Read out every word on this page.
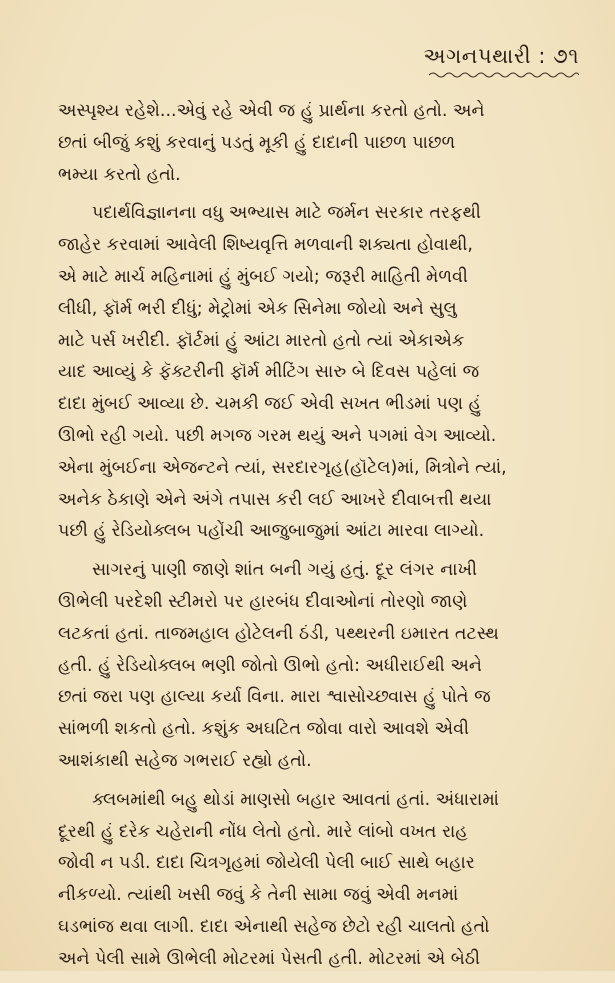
અગનપથારી : ૭૧

અસ્પૃશ્ય રહેશે...એવું રહે એવી જ હું પ્રાર્થના કરતો હતો. અને
છતાં બીજું કશું કરવાનું પડતું મૂકી હું દાદાની પાછળ પાછળ
ભમ્યા કરતો હતો.

પદાર્થવિજ્ઞાનના વધુ અભ્યાસ માટે જર્મન સરકાર તરફથી
જાહેર કરવામાં આવેલી શિષ્યવૃત્તિ મળવાની શક્યતા હોવાથી,
એ માટે માર્ચ મહિનામાં હું મુંબઈ ગયો; જરૂરી માહિતી મેળવી
લીધી, ફૉર્મ ભરી દીધું; મેટ્રોમાં એક સિનેમા જોયો અને સુલુ
માટે પર્સ ખરીદી. ફૉર્ટમાં હું આંટા મારતો હતો ત્યાં એકાએક
યાદ આવ્યું કે ફૅક્ટરીની ફૉર્મ મીટિંગ સારુ બે દિવસ પહેલાં જ
દાદા મુંબઈ આવ્યા છે. ચમકી જઈ એવી સખત ભીડમાં પણ હું
ઊભો રહી ગયો. પછી મગજ ગરમ થયું અને પગમાં વેગ આવ્યો.
એના મુંબઈના એજન્ટને ત્યાં, સરદારગૃહ(હૉટેલ)માં, મિત્રોને ત્યાં,
અનેક ઠેકાણે એને અંગે તપાસ કરી લઈ આખરે દીવાબત્તી થયા
પછી હું રેડિયોક્લબ પહોંચી આજુબાજુમાં આંટા મારવા લાગ્યો.

સાગરનું પાણી જાણે શાંત બની ગયું હતું. દૂર લંગર નાખી
ઊભેલી પરદેશી સ્ટીમરો પર હારબંધ દીવાઓનાં તોરણો જાણે
લટકતાં હતાં. તાજમહાલ હોટેલની ઠંડી, પથ્થરની ઇમારત તટસ્થ
હતી. હું રેડિયોક્લબ ભણી જોતો ઊભો હતો: અધીરાઈથી અને
છતાં જરા પણ હાલ્યા કર્યા વિના. મારા શ્વાસોચ્છ્વાસ હું પોતે જ
સાંભળી શકતો હતો. કશુંક અઘટિત જોવા વારો આવશે એવી
આશંકાથી સહેજ ગભરાઈ રહ્યો હતો.

ક્લબમાંથી બહુ થોડાં માણસો બહાર આવતાં હતાં. અંધારામાં
દૂરથી હું દરેક ચહેરાની નોંધ લેતો હતો. મારે લાંબો વખત રાહ
જોવી ન પડી. દાદા ચિત્રગૃહમાં જોયેલી પેલી બાઈ સાથે બહાર
નીકળ્યો. ત્યાંથી ખસી જવું કે તેની સામા જવું એવી મનમાં
ઘડભાંજ થવા લાગી. દાદા એનાથી સહેજ છેટો રહી ચાલતો હતો
અને પેલી સામે ઊભેલી મોટરમાં પેસતી હતી. મોટરમાં એ બેઠી
